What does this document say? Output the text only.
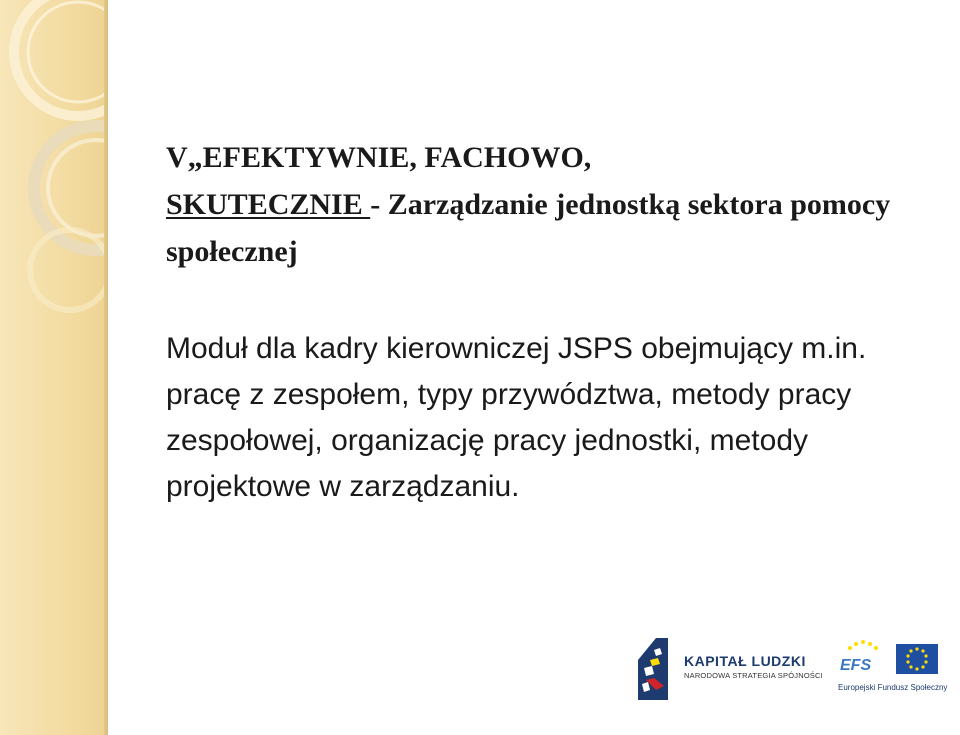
V„EFEKTYWNIE, FACHOWO,
SKUTECZNIE - Zarządzanie jednostką sektora pomocy społecznej
Moduł dla kadry kierowniczej JSPS obejmujący m.in. pracę z zespołem, typy przywództwa, metody pracy zespołowej, organizację pracy jednostki, metody projektowe w zarządzaniu.
KAPITAŁ LUDZKI
NARODOWA STRATEGIA SPÓJNOŚCI
EFS
Europejski Fundusz Społeczny
